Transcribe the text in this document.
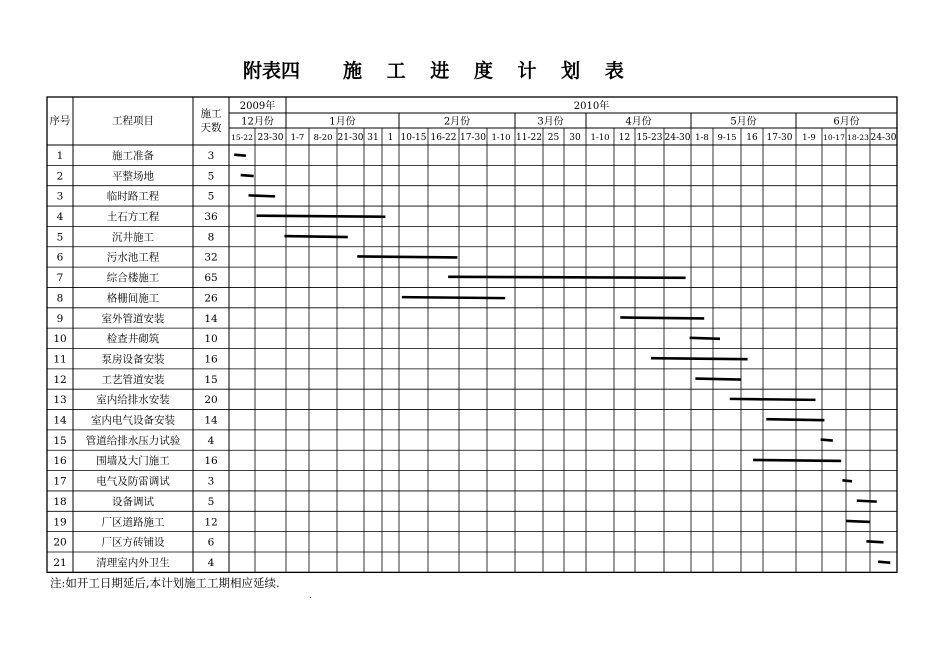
附表四 施 工 进 度 计 划 表
序号	工程项目
施工
天数
2009年	2010年
12月份	1月份	2月份	3月份	4月份	5月份	6月份
15-22 23-30 1-7 8-20 21-30 31 1 10-15 16-22 17-30 1-10 11-22 25 30 1-10 12 15-23 24-30 1-8 9-15 16 17-30 1-9 10-17 18-23 24-30
1	施工准备	3
2	平整场地	5
3	临时路工程	5
4	土石方工程	36
5	沉井施工	8
6	污水池工程	32
7	综合楼施工	65
8	格栅间施工	26
9	室外管道安装	14
10	检查井砌筑	10
11	泵房设备安装	16
12	工艺管道安装	15
13	室内给排水安装	20
14 室内电气设备安装	14
15 管道给排水压力试验	4
16	围墙及大门施工	16
17	电气及防雷调试	3
18	设备调试	5
19	厂区道路施工	12
20	厂区方砖铺设	6
21	清理室内外卫生	4
注:如开工日期延后,本计划施工工期相应延续.
.
